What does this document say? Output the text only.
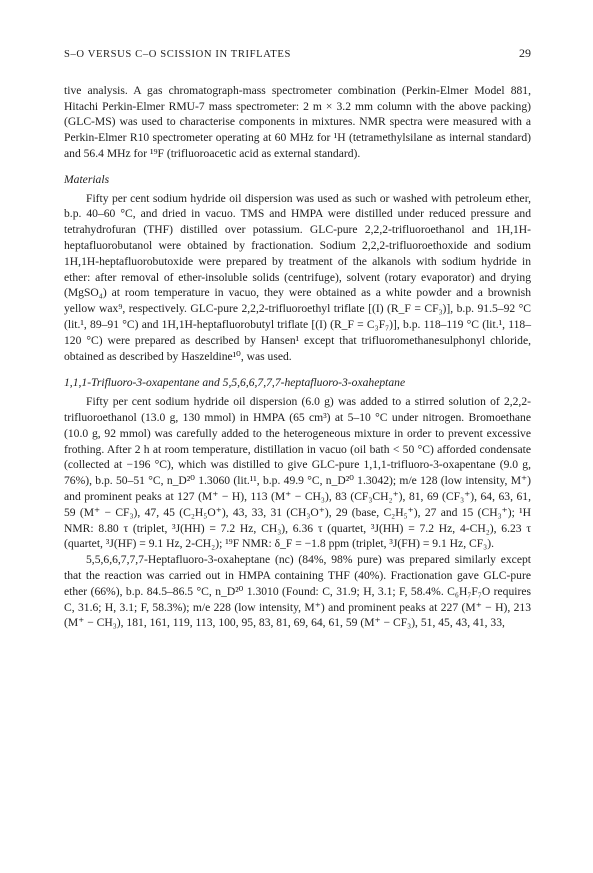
S–O VERSUS C–O SCISSION IN TRIFLATES	29

tive analysis. A gas chromatograph-mass spectrometer combination (Perkin-Elmer Model 881, Hitachi Perkin-Elmer RMU-7 mass spectrometer: 2 m × 3.2 mm column with the above packing) (GLC-MS) was used to characterise components in mixtures. NMR spectra were measured with a Perkin-Elmer R10 spectrometer operating at 60 MHz for ¹H (tetramethylsilane as internal standard) and 56.4 MHz for ¹⁹F (trifluoroacetic acid as external standard).

Materials

Fifty per cent sodium hydride oil dispersion was used as such or washed with petroleum ether, b.p. 40–60 °C, and dried in vacuo. TMS and HMPA were distilled under reduced pressure and tetrahydrofuran (THF) distilled over potassium. GLC-pure 2,2,2-trifluoroethanol and 1H,1H-heptafluorobutanol were obtained by fractionation. Sodium 2,2,2-trifluoroethoxide and sodium 1H,1H-heptafluorobutoxide were prepared by treatment of the alkanols with sodium hydride in ether: after removal of ether-insoluble solids (centrifuge), solvent (rotary evaporator) and drying (MgSO₄) at room temperature in vacuo, they were obtained as a white powder and a brownish yellow wax⁹, respectively. GLC-pure 2,2,2-trifluoroethyl triflate [(I) (R_F = CF₃)], b.p. 91.5–92 °C (lit.¹, 89–91 °C) and 1H,1H-heptafluorobutyl triflate [(I) (R_F = C₃F₇)], b.p. 118–119 °C (lit.¹, 118–120 °C) were prepared as described by Hansen¹ except that trifluoromethanesulphonyl chloride, obtained as described by Haszeldine¹⁰, was used.

1,1,1-Trifluoro-3-oxapentane and 5,5,6,6,7,7,7-heptafluoro-3-oxaheptane

Fifty per cent sodium hydride oil dispersion (6.0 g) was added to a stirred solution of 2,2,2-trifluoroethanol (13.0 g, 130 mmol) in HMPA (65 cm³) at 5–10 °C under nitrogen. Bromoethane (10.0 g, 92 mmol) was carefully added to the heterogeneous mixture in order to prevent excessive frothing. After 2 h at room temperature, distillation in vacuo (oil bath < 50 °C) afforded condensate (collected at −196 °C), which was distilled to give GLC-pure 1,1,1-trifluoro-3-oxapentane (9.0 g, 76%), b.p. 50–51 °C, n_D²⁰ 1.3060 (lit.¹¹, b.p. 49.9 °C, n_D²⁰ 1.3042); m/e 128 (low intensity, M⁺) and prominent peaks at 127 (M⁺ − H), 113 (M⁺ − CH₃), 83 (CF₃CH₂⁺), 81, 69 (CF₃⁺), 64, 63, 61, 59 (M⁺ − CF₃), 47, 45 (C₂H₅O⁺), 43, 33, 31 (CH₃O⁺), 29 (base, C₂H₅⁺), 27 and 15 (CH₃⁺); ¹H NMR: 8.80 τ (triplet, ³J(HH) = 7.2 Hz, CH₃), 6.36 τ (quartet, ³J(HH) = 7.2 Hz, 4-CH₂), 6.23 τ (quartet, ³J(HF) = 9.1 Hz, 2-CH₂); ¹⁹F NMR: δ_F = −1.8 ppm (triplet, ³J(FH) = 9.1 Hz, CF₃).

5,5,6,6,7,7,7-Heptafluoro-3-oxaheptane (nc) (84%, 98% pure) was prepared similarly except that the reaction was carried out in HMPA containing THF (40%). Fractionation gave GLC-pure ether (66%), b.p. 84.5–86.5 °C, n_D²⁰ 1.3010 (Found: C, 31.9; H, 3.1; F, 58.4%. C₆H₇F₇O requires C, 31.6; H, 3.1; F, 58.3%); m/e 228 (low intensity, M⁺) and prominent peaks at 227 (M⁺ − H), 213 (M⁺ − CH₃), 181, 161, 119, 113, 100, 95, 83, 81, 69, 64, 61, 59 (M⁺ − CF₃), 51, 45, 43, 41, 33,
